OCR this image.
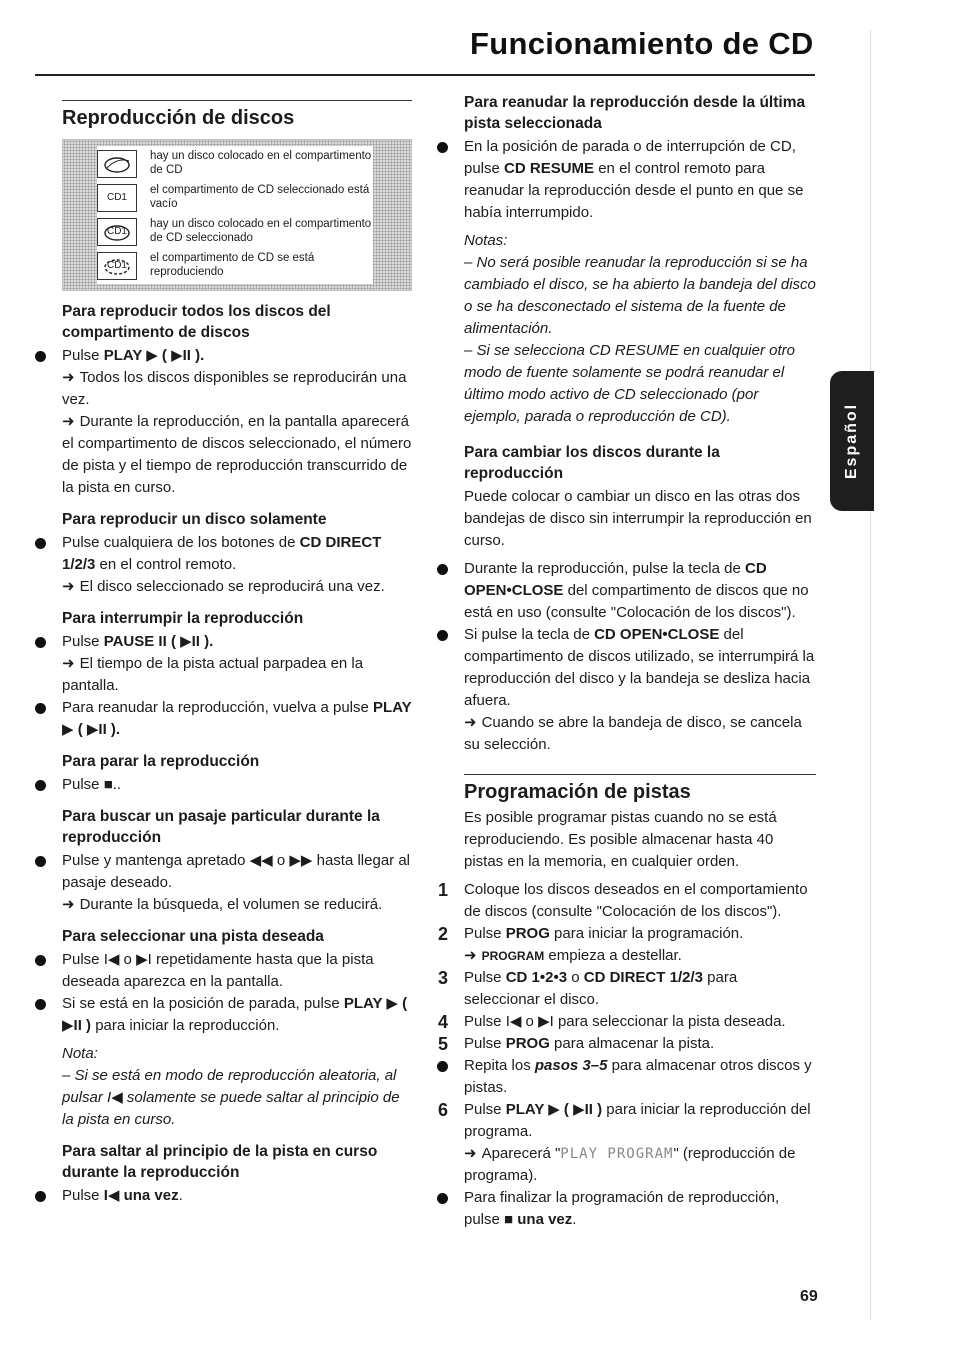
Funcionamiento de CD
Reproducción de discos
hay un disco colocado en el compartimento de CD
CD1
el compartimento de CD seleccionado está vacío
CD1
hay un disco colocado en el compartimento de CD seleccionado
CD1
el compartimento de CD se está reproduciendo
Para reproducir todos los discos del compartimento de discos

Pulse PLAY ▶ ( ▶II ).

➜ Todos los discos disponibles se reproducirán una vez.

➜ Durante la reproducción, en la pantalla aparecerá el compartimento de discos seleccionado, el número de pista y el tiempo de reproducción transcurrido de la pista en curso.

Para reproducir un disco solamente

Pulse cualquiera de los botones de CD DIRECT 1/2/3 en el control remoto.

➜ El disco seleccionado se reproducirá una vez.

Para interrumpir la reproducción

Pulse PAUSE II ( ▶II ).

➜ El tiempo de la pista actual parpadea en la pantalla.

Para reanudar la reproducción, vuelva a pulse PLAY ▶ ( ▶II ).

Para parar la reproducción

Pulse ■..

Para buscar un pasaje particular durante la reproducción

Pulse y mantenga apretado ◀◀ o ▶▶ hasta llegar al pasaje deseado.

➜ Durante la búsqueda, el volumen se reducirá.

Para seleccionar una pista deseada

Pulse I◀ o ▶I repetidamente hasta que la pista deseada aparezca en la pantalla.

Si se está en la posición de parada, pulse PLAY ▶ ( ▶II ) para iniciar la reproducción.

Nota:

– Si se está en modo de reproducción aleatoria, al pulsar I◀ solamente se puede saltar al principio de la pista en curso.

Para saltar al principio de la pista en curso durante la reproducción

Pulse I◀ una vez.

Para reanudar la reproducción desde la última pista seleccionada

En la posición de parada o de interrupción de CD, pulse CD RESUME en el control remoto para reanudar la reproducción desde el punto en que se había interrumpido.

Notas:

– No será posible reanudar la reproducción si se ha cambiado el disco, se ha abierto la bandeja del disco o se ha desconectado el sistema de la fuente de alimentación.

– Si se selecciona CD RESUME en cualquier otro modo de fuente solamente se podrá reanudar el último modo activo de CD seleccionado (por ejemplo, parada o reproducción de CD).

Para cambiar los discos durante la reproducción

Puede colocar o cambiar un disco en las otras dos bandejas de disco sin interrumpir la reproducción en curso.

Durante la reproducción, pulse la tecla de CD OPEN•CLOSE del compartimento de discos que no está en uso (consulte "Colocación de los discos").

Si pulse la tecla de CD OPEN•CLOSE del compartimento de discos utilizado, se interrumpirá la reproducción del disco y la bandeja se desliza hacia afuera.

➜ Cuando se abre la bandeja de disco, se cancela su selección.

Programación de pistas

Es posible programar pistas cuando no se está reproduciendo. Es posible almacenar hasta 40 pistas en la memoria, en cualquier orden.

1 Coloque los discos deseados en el comportamiento de discos (consulte "Colocación de los discos").

2 Pulse PROG para iniciar la programación.

➜ PROGRAM empieza a destellar.

3 Pulse CD 1•2•3 o CD DIRECT 1/2/3 para seleccionar el disco.

4 Pulse I◀ o ▶I para seleccionar la pista deseada.

5 Pulse PROG para almacenar la pista.

Repita los pasos 3–5 para almacenar otros discos y pistas.

6 Pulse PLAY ▶ ( ▶II ) para iniciar la reproducción del programa.

➜ Aparecerá "PLAY PROGRAM" (reproducción de programa).

Para finalizar la programación de reproducción, pulse ■ una vez.

Español
69
